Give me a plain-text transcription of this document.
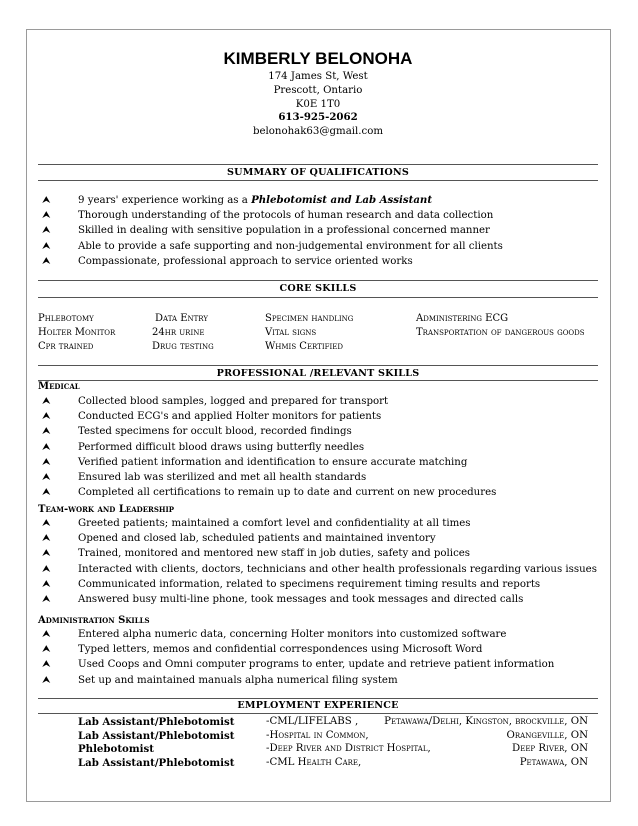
KIMBERLY BELONOHA
174 James St, West
Prescott, Ontario
K0E 1T0
613-925-2062
belonohak63@gmail.com
SUMMARY OF QUALIFICATIONS
⮝	9 years' experience working as a Phlebotomist and Lab Assistant
⮝	Thorough understanding of the protocols of human research and data collection
⮝	Skilled in dealing with sensitive population in a professional concerned manner
⮝	Able to provide a safe supporting and non-judgemental environment for all clients
⮝	Compassionate, professional approach to service oriented works
CORE SKILLS
Phlebotomy	Data Entry	Specimen handling	Administering ECG
Holter Monitor	24hr urine	Vital signs	Transportation of dangerous goods
Cpr trained	Drug testing	Whmis Certified
PROFESSIONAL /RELEVANT SKILLS
Medical
⮝	Collected blood samples, logged and prepared for transport
⮝	Conducted ECG's and applied Holter monitors for patients
⮝	Tested specimens for occult blood, recorded findings
⮝	Performed difficult blood draws using butterfly needles
⮝	Verified patient information and identification to ensure accurate matching
⮝	Ensured lab was sterilized and met all health standards
⮝	Completed all certifications to remain up to date and current on new procedures
Team-work and Leadership
⮝	Greeted patients; maintained a comfort level and confidentiality at all times
⮝	Opened and closed lab, scheduled patients and maintained inventory
⮝	Trained, monitored and mentored new staff in job duties, safety and polices
⮝	Interacted with clients, doctors, technicians and other health professionals regarding various issues
⮝	Communicated information, related to specimens requirement timing results and reports
⮝	Answered busy multi-line phone, took messages and took messages and directed calls
Administration Skills
⮝	Entered alpha numeric data, concerning Holter monitors into customized software
⮝	Typed letters, memos and confidential correspondences using Microsoft Word
⮝	Used Coops and Omni computer programs to enter, update and retrieve patient information
⮝	Set up and maintained manuals alpha numerical filing system
EMPLOYMENT EXPERIENCE
Lab Assistant/Phlebotomist	-CML/LIFELABS ,	Petawawa/Delhi, Kingston, brockville, ON
Lab Assistant/Phlebotomist	-Hospital in Common,	Orangeville, ON
Phlebotomist	-Deep River and District Hospital,	Deep River, ON
Lab Assistant/Phlebotomist	-CML Health Care,	Petawawa, ON
